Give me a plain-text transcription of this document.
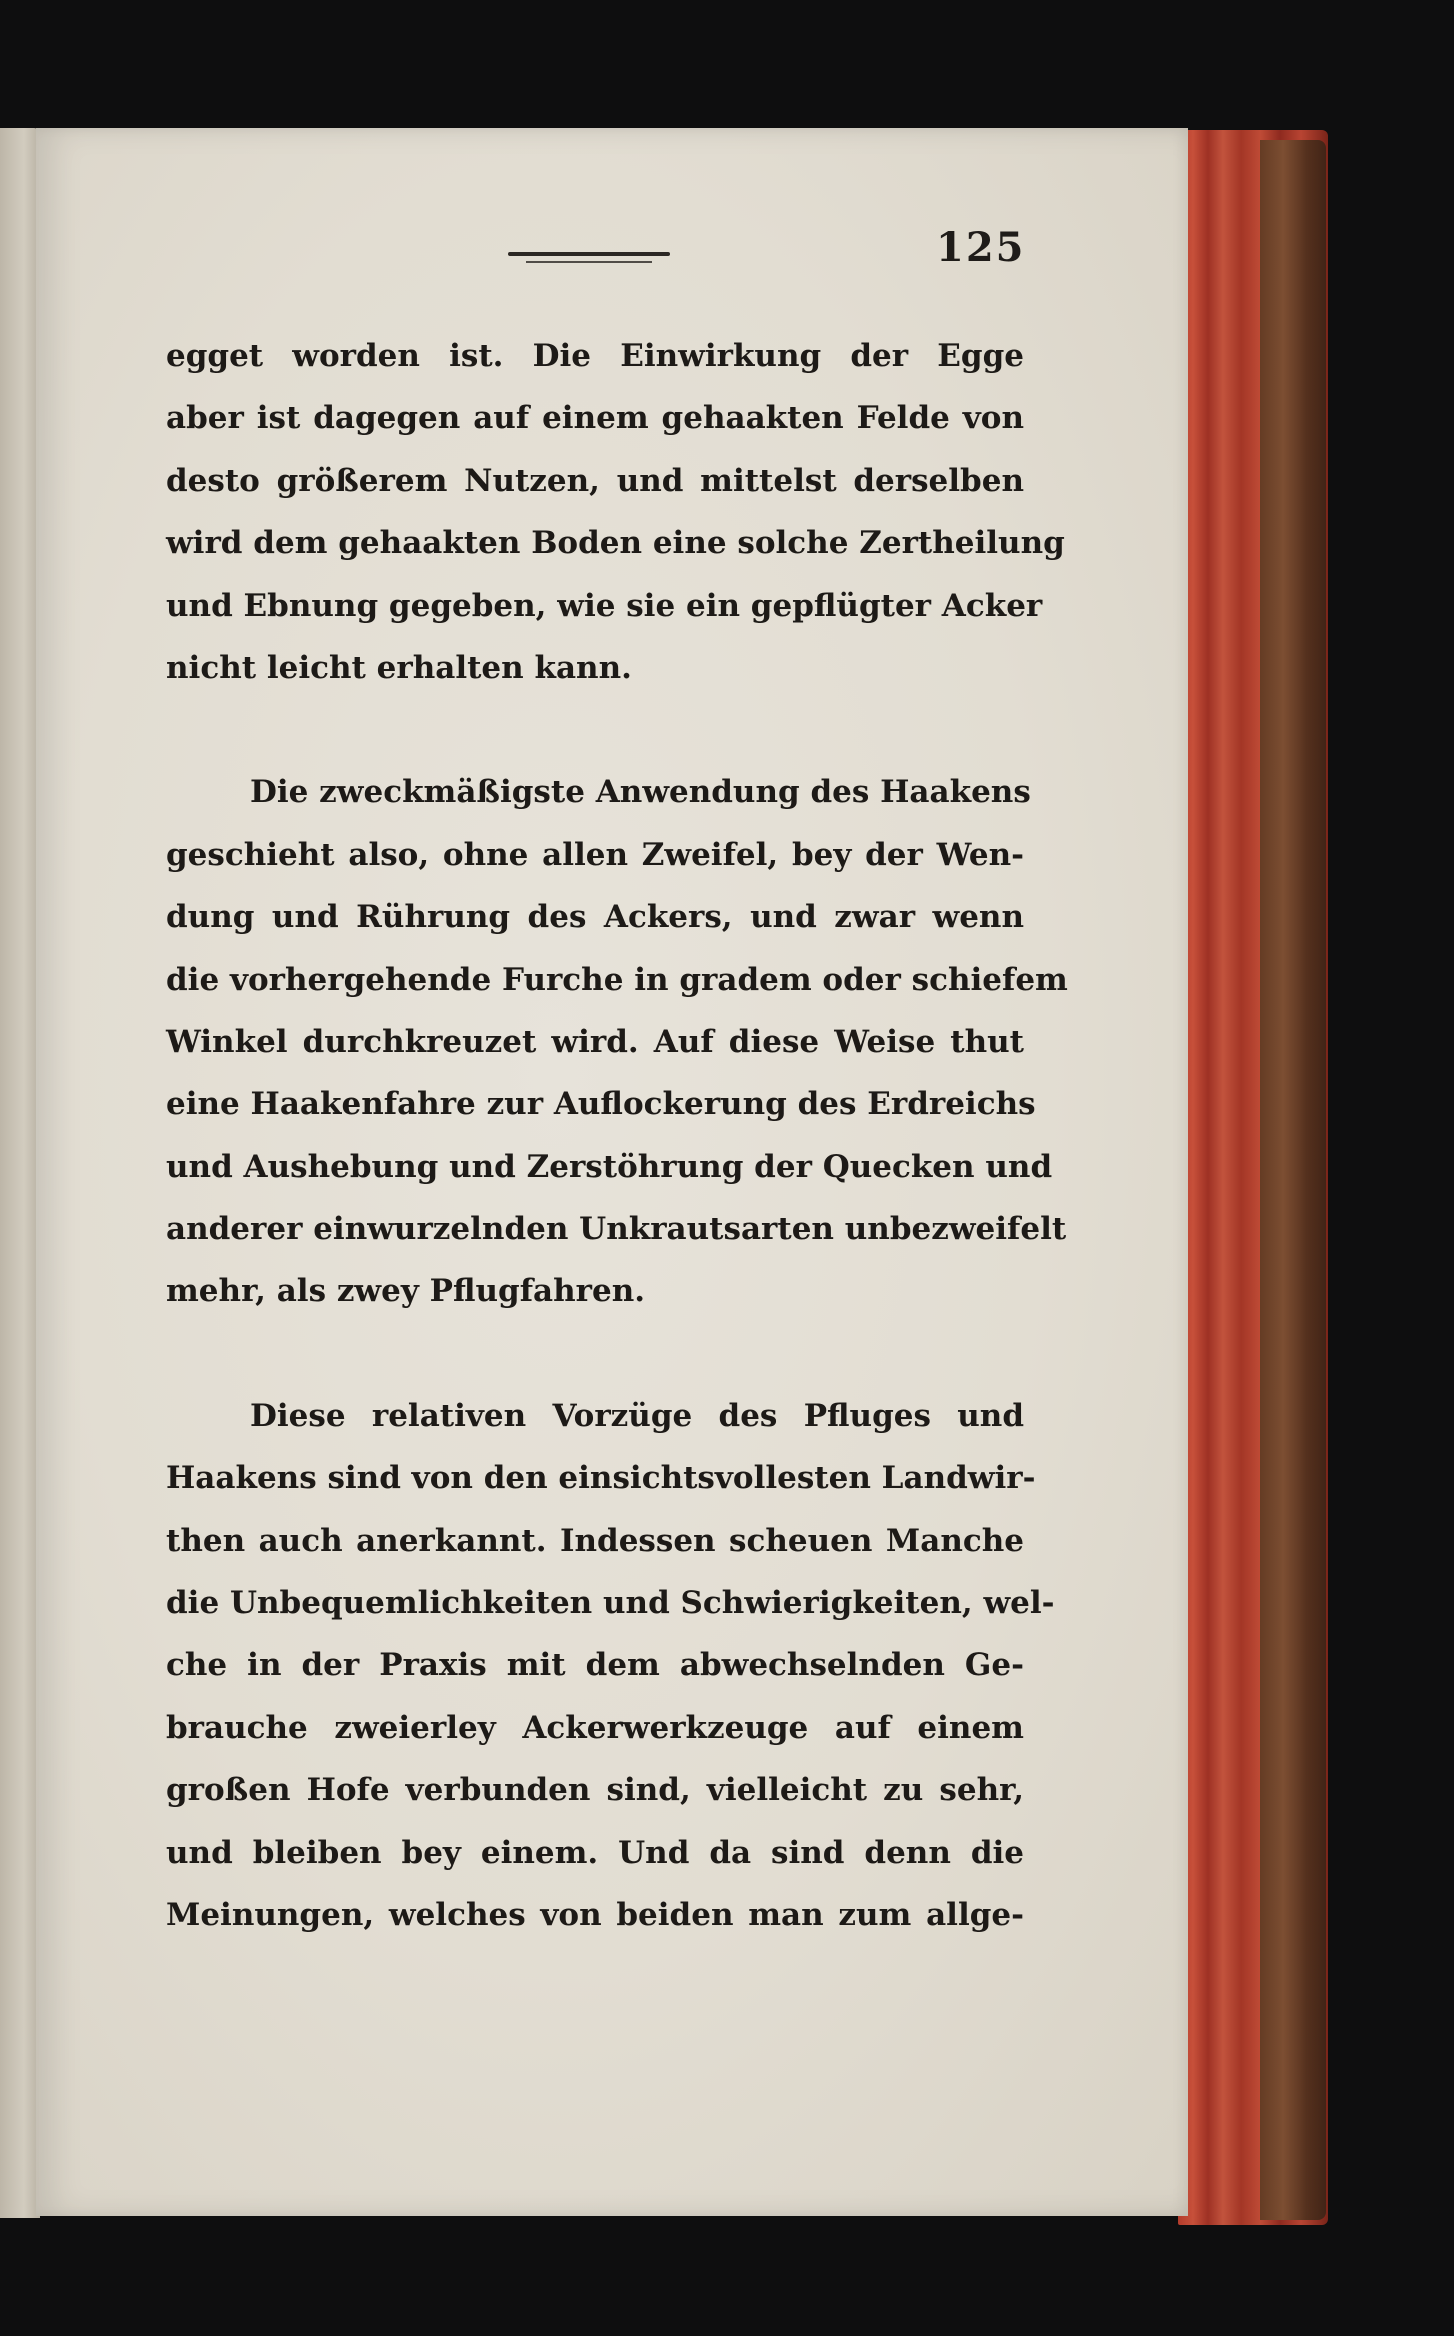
125

egget worden ist. Die Einwirkung der Egge
aber ist dagegen auf einem gehaakten Felde von
desto größerem Nutzen, und mittelst derselben
wird dem gehaakten Boden eine solche Zertheilung
und Ebnung gegeben, wie sie ein gepflügter Acker
nicht leicht erhalten kann.

Die zweckmäßigste Anwendung des Haakens
geschieht also, ohne allen Zweifel, bey der Wen-
dung und Rührung des Ackers, und zwar wenn
die vorhergehende Furche in gradem oder schiefem
Winkel durchkreuzet wird. Auf diese Weise thut
eine Haakenfahre zur Auflockerung des Erdreichs
und Aushebung und Zerstöhrung der Quecken und
anderer einwurzelnden Unkrautsarten unbezweifelt
mehr, als zwey Pflugfahren.

Diese relativen Vorzüge des Pfluges und
Haakens sind von den einsichtsvollesten Landwir-
then auch anerkannt. Indessen scheuen Manche
die Unbequemlichkeiten und Schwierigkeiten, wel-
che in der Praxis mit dem abwechselnden Ge-
brauche zweierley Ackerwerkzeuge auf einem
großen Hofe verbunden sind, vielleicht zu sehr,
und bleiben bey einem. Und da sind denn die
Meinungen, welches von beiden man zum allge-
